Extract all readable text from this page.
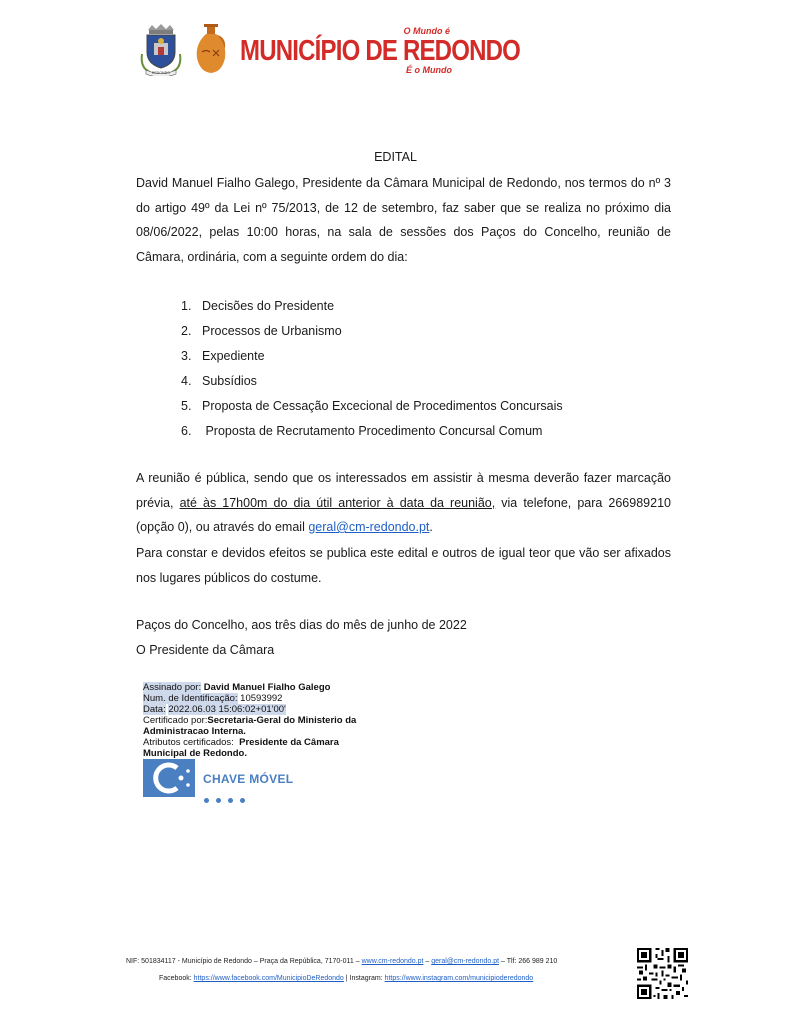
REDONDO
O Mundo é
MUNICÍPIO DE REDONDO
É o Mundo
EDITAL

David Manuel Fialho Galego, Presidente da Câmara Municipal de Redondo, nos termos do nº 3 do artigo 49º da Lei nº 75/2013, de 12 de setembro, faz saber que se realiza no próximo dia 08/06/2022, pelas 10:00 horas, na sala de sessões dos Paços do Concelho, reunião de Câmara, ordinária, com a seguinte ordem do dia:

1. Decisões do Presidente
2. Processos de Urbanismo
3. Expediente
4. Subsídios
5. Proposta de Cessação Excecional de Procedimentos Concursais
6. Proposta de Recrutamento Procedimento Concursal Comum

A reunião é pública, sendo que os interessados em assistir à mesma deverão fazer marcação prévia, até às 17h00m do dia útil anterior à data da reunião, via telefone, para 266989210 (opção 0), ou através do email geral@cm-redondo.pt.

Para constar e devidos efeitos se publica este edital e outros de igual teor que vão ser afixados nos lugares públicos do costume.

Paços do Concelho, aos três dias do mês de junho de 2022
O Presidente da Câmara
Assinado por: David Manuel Fialho Galego
Num. de Identificação: 10593992
Data: 2022.06.03 15:06:02+01'00'
Certificado por:Secretaria-Geral do Ministerio da
Administracao Interna.
Atributos certificados: Presidente da Câmara
Municipal de Redondo.
CHAVE MÓVEL
NIF: 501834117 - Município de Redondo – Praça da República, 7170-011 – www.cm-redondo.pt – geral@cm-redondo.pt – Tlf: 266 989 210
Facebook: https://www.facebook.com/MunicipioDeRedondo | Instagram: https://www.instagram.com/municipioderedondo
